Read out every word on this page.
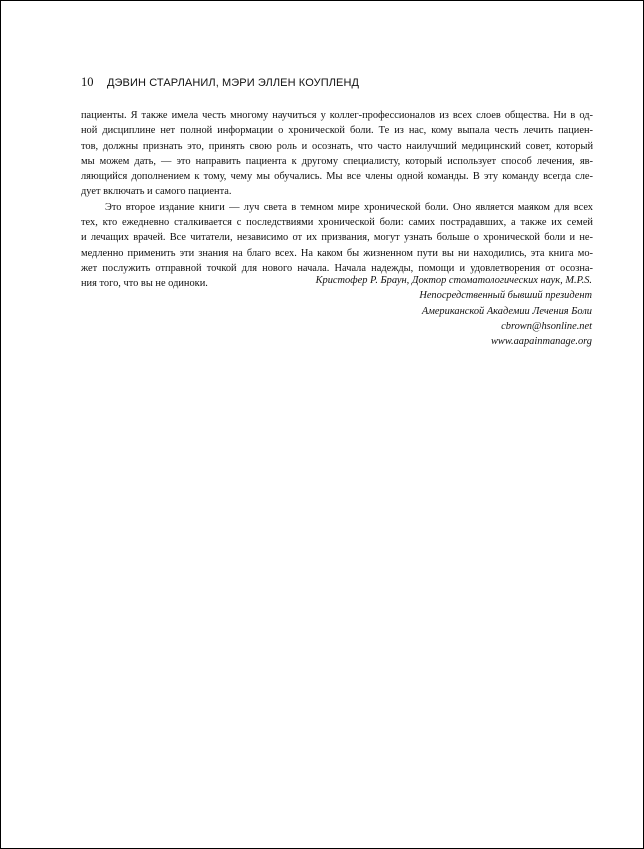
10 ДЭВИН СТАРЛАНИЛ, МЭРИ ЭЛЛЕН КОУПЛЕНД
пациенты. Я также имела честь многому научиться у коллег-профессионалов из всех слоев общества. Ни в од-
ной дисциплине нет полной информации о хронической боли. Те из нас, кому выпала честь лечить пациен-
тов, должны признать это, принять свою роль и осознать, что часто наилучший медицинский совет, который
мы можем дать, — это направить пациента к другому специалисту, который использует способ лечения, яв-
ляющийся дополнением к тому, чему мы обучались. Мы все члены одной команды. В эту команду всегда сле-
дует включать и самого пациента.
Это второе издание книги — луч света в темном мире хронической боли. Оно является маяком для всех
тех, кто ежедневно сталкивается с последствиями хронической боли: самих пострадавших, а также их семей
и лечащих врачей. Все читатели, независимо от их призвания, могут узнать больше о хронической боли и не-
медленно применить эти знания на благо всех. На каком бы жизненном пути вы ни находились, эта книга мо-
жет послужить отправной точкой для нового начала. Начала надежды, помощи и удовлетворения от осозна-
ния того, что вы не одиноки.	Кристофер Р. Браун, Доктор стоматологических наук, M.P.S.
Непосредственный бывший президент
Американской Академии Лечения Боли
cbrown@hsonline.net
www.aapainmanage.org
